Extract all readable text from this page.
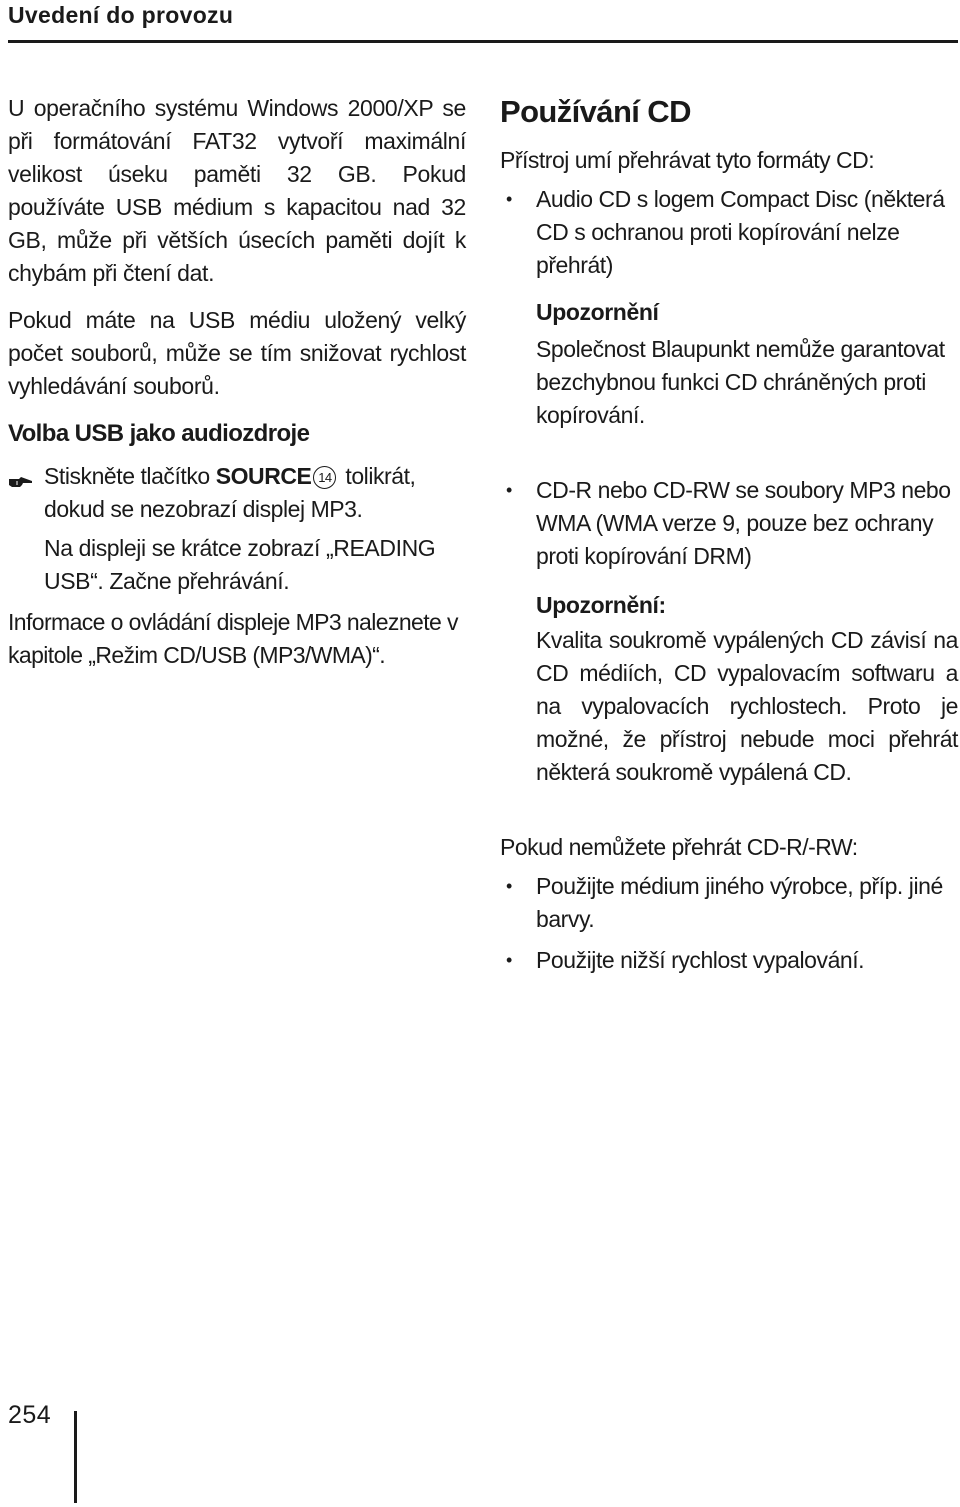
Uvedení do provozu

U operačního systému Windows 2000/XP se při formátování FAT32 vytvoří maximální velikost úseku paměti 32 GB. Pokud používáte USB médium s kapacitou nad 32 GB, může při větších úsecích paměti dojít k chybám při čtení dat.

Pokud máte na USB médiu uložený velký počet souborů, může se tím snižovat rychlost vyhledávání souborů.

Volba USB jako audiozdroje

Stiskněte tlačítko SOURCE 14 tolikrát, dokud se nezobrazí displej MP3.

Na displeji se krátce zobrazí „READING USB“. Začne přehrávání.

Informace o ovládání displeje MP3 naleznete v kapitole „Režim CD/USB (MP3/WMA)“.

Používání CD

Přístroj umí přehrávat tyto formáty CD:

• Audio CD s logem Compact Disc (některá CD s ochranou proti kopírování nelze přehrát)

Upozornění

Společnost Blaupunkt nemůže garantovat bezchybnou funkci CD chráněných proti kopírování.

• CD-R nebo CD-RW se soubory MP3 nebo WMA (WMA verze 9, pouze bez ochrany proti kopírování DRM)

Upozornění:

Kvalita soukromě vypálených CD závisí na CD médiích, CD vypalovacím softwaru a na vypalovacích rychlostech. Proto je možné, že přístroj nebude moci přehrát některá soukromě vypálená CD.

Pokud nemůžete přehrát CD-R/-RW:

• Použijte médium jiného výrobce, příp. jiné barvy.

• Použijte nižší rychlost vypalování.

254
